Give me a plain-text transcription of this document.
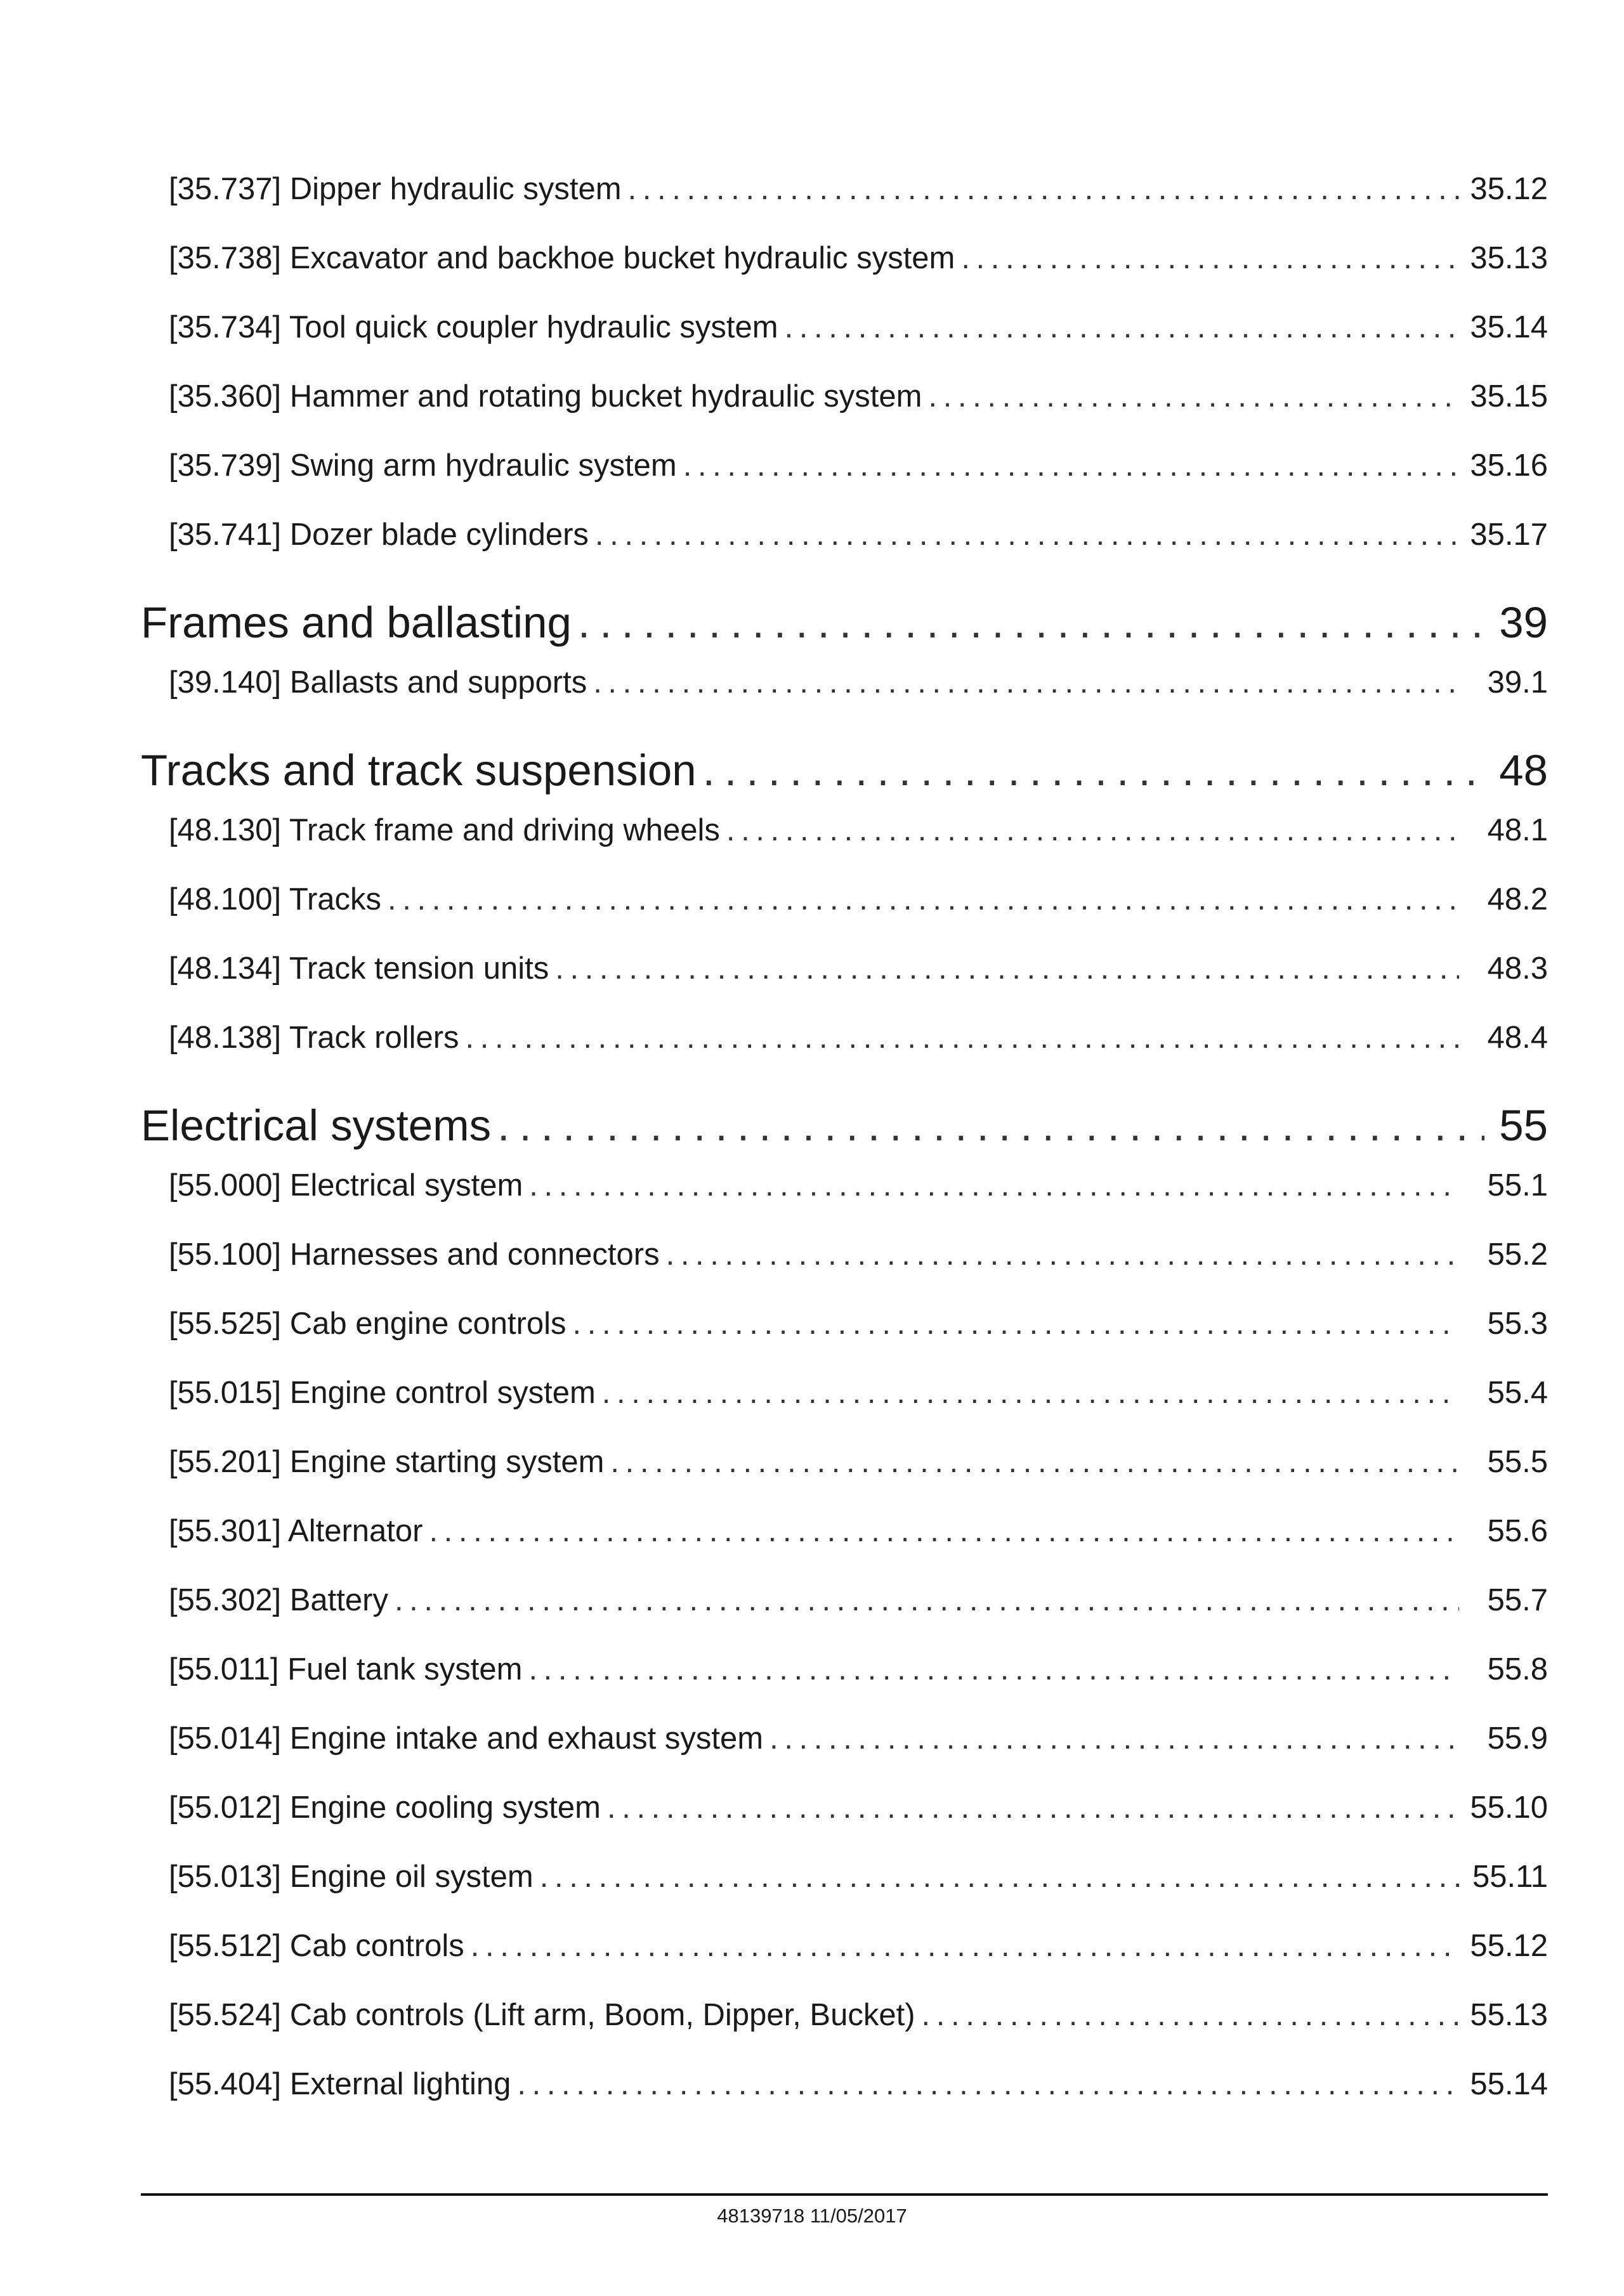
[35.737] Dipper hydraulic system . . .	35.12
[35.738] Excavator and backhoe bucket hydraulic system . . .	35.13
[35.734] Tool quick coupler hydraulic system . . .	35.14
[35.360] Hammer and rotating bucket hydraulic system . . .	35.15
[35.739] Swing arm hydraulic system . . .	35.16
[35.741] Dozer blade cylinders . . .	35.17
Frames and ballasting . . .	39
[39.140] Ballasts and supports . . .	39.1
Tracks and track suspension . . .	48
[48.130] Track frame and driving wheels . . .	48.1
[48.100] Tracks . . .	48.2
[48.134] Track tension units . . .	48.3
[48.138] Track rollers . . .	48.4
Electrical systems . . .	55
[55.000] Electrical system . . .	55.1
[55.100] Harnesses and connectors . . .	55.2
[55.525] Cab engine controls . . .	55.3
[55.015] Engine control system . . .	55.4
[55.201] Engine starting system . . .	55.5
[55.301] Alternator . . .	55.6
[55.302] Battery . . .	55.7
[55.011] Fuel tank system . . .	55.8
[55.014] Engine intake and exhaust system . . .	55.9
[55.012] Engine cooling system . . .	55.10
[55.013] Engine oil system . . .	55.11
[55.512] Cab controls . . .	55.12
[55.524] Cab controls (Lift arm, Boom, Dipper, Bucket) . . .	55.13
[55.404] External lighting . . .	55.14
48139718 11/05/2017
